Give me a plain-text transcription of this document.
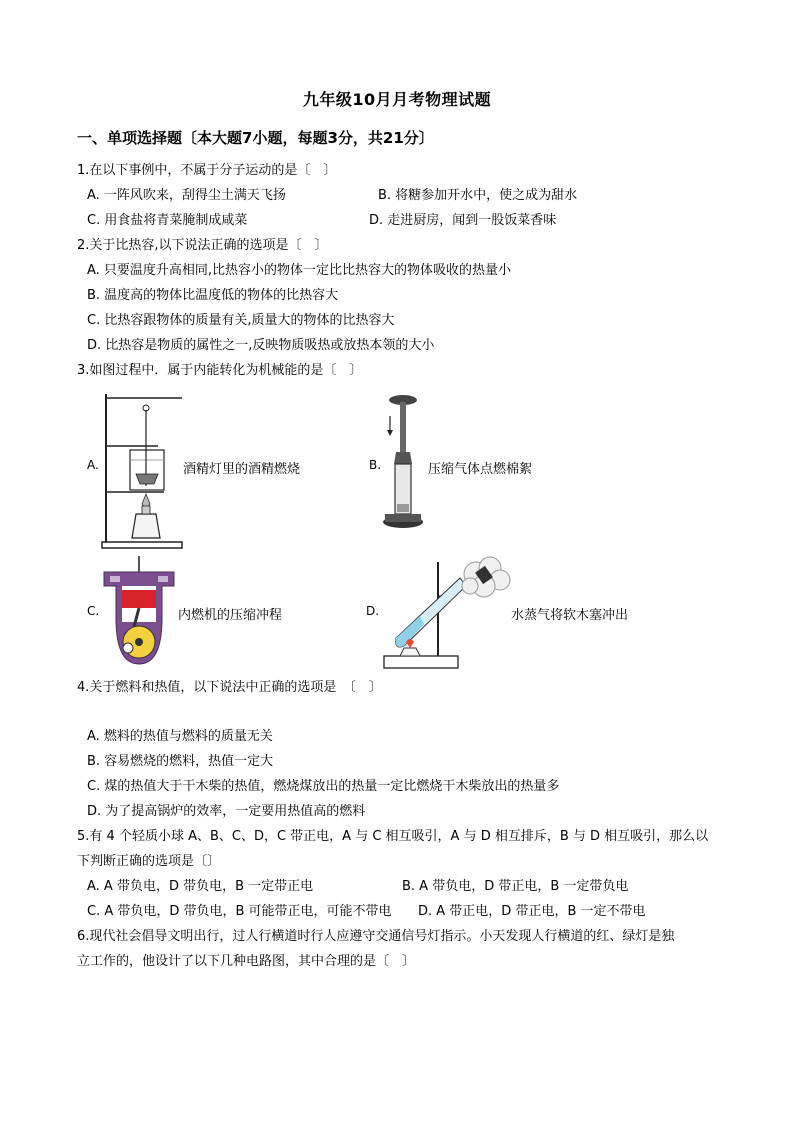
九年级10月月考物理试题
一、单项选择题〔本大题7小题，每题3分，共21分〕
1.在以下事例中，不属于分子运动的是〔　〕
A. 一阵风吹来，刮得尘土满天飞扬	B. 将糖参加开水中，使之成为甜水
C. 用食盐将青菜腌制成咸菜	D. 走进厨房，闻到一股饭菜香味
2.关于比热容,以下说法正确的选项是〔　〕
A. 只要温度升高相同,比热容小的物体一定比比热容大的物体吸收的热量小
B. 温度高的物体比温度低的物体的比热容大
C. 比热容跟物体的质量有关,质量大的物体的比热容大
D. 比热容是物质的属性之一,反映物质吸热或放热本领的大小
3.如图过程中．属于内能转化为机械能的是〔　〕
A.	酒精灯里的酒精燃烧	B.	压缩气体点燃棉絮
C.	内燃机的压缩冲程	D.	水蒸气将软木塞冲出
4.关于燃料和热值，以下说法中正确的选项是　〔　〕
A. 燃料的热值与燃料的质量无关
B. 容易燃烧的燃料，热值一定大
C. 煤的热值大于干木柴的热值，燃烧煤放出的热量一定比燃烧干木柴放出的热量多
D. 为了提高锅炉的效率，一定要用热值高的燃料
5.有 4 个轻质小球 A、B、C、D，C 带正电，A 与 C 相互吸引，A 与 D 相互排斥，B 与 D 相互吸引，那么以
下判断正确的选项是〔〕
A. A 带负电，D 带负电，B 一定带正电	B. A 带负电，D 带正电，B 一定带负电
C. A 带负电，D 带负电，B 可能带正电，可能不带电 D. A 带正电，D 带正电，B 一定不带电
6.现代社会倡导文明出行，过人行横道时行人应遵守交通信号灯指示。小天发现人行横道的红、绿灯是独
立工作的，他设计了以下几种电路图，其中合理的是〔　〕
